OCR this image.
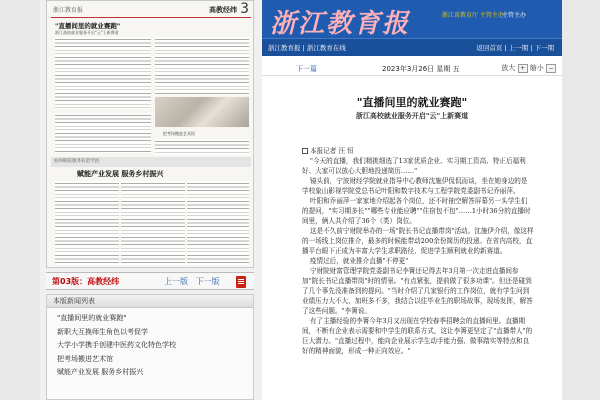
浙江教育报	高教经纬 3
"直播间里的就业赛跑"
浙江高校就业服务开启"云"上新赛道
把考场搬进艺术馆
杭州职院服务驻留学团
赋能产业发展 服务乡村振兴
第03版：高教经纬	上一版 下一版
本版新闻列表
"直播间里的就业赛跑"
新职大互换师生角色以考促学
大学小学携手创建中医药文化特色学校
把考场搬进艺术馆
赋能产业发展 服务乡村振兴
浙江教育报	浙江省教育厅 主管主办
主管主办
浙江教育报 | 浙江教育在线	返回首页 | 上一期 | 下一期
下一篇	2023年3月26日 星期 五	放大 + 缩小 −
"直播间里的就业赛跑"
浙江高校就业服务开启"云"上新赛道

本报记者 汪 恒

"今天的直播，我们精挑细选了13家优质企业、实习期工资高、特正后福利好、大家可以放心大胆地投递简历……"

镜头前，宁波财经学院就业指导中心教师沈施伊侃侃而谈，坐在她身边的是学校象山影视学院党总书记叶阳和数字技术与工程学院党委副书记乔丽萍。

叶阳和乔丽萍一家家地介绍起各个岗位，还不时抽空解答屏幕另一头学生们的提问，"实习期多长""哪些专业能应聘""住宿包不包"……1小时36分的直播时间里，俩人共介绍了36个（类）岗位。

这是不久前宁财院举办的一场"院长书记直播带岗"活动。沈施伊介绍，像这样的一场线上岗位推介，最多的时候能带动200余份简历的投递。在省内高校，直播平台眼下正成为丰富大学生求职路径、促进学生顺利就业的新赛道。

疫情过后，就业推介直播"不停更"

宁财院财富管理学院党委副书记李箐还记得去年3月第一次走进直播间参加"院长书记直播带岗"时的情景。"有点紧张，提前做了很多功课"。但还是碰到了几个事先没准备到的提问。"当时介绍了几家银行的工作岗位，就有学生问到业绩压力大不大、加班多不多，我结合以往毕业生的职场故事，现场发挥，解答了这些问题。"李箐说。

有了主播经验的李箐今年3月又出现在学校春季招聘会的直播间里。直播期间，不断有企业表示需要和中学生的联系方式，这让李箐更坚定了"直播带人"的巨大潜力。"直播过程中，能向企业展示学生动手能力强、做事踏实等特点和良好的精神面貌，形成一种正向效应。"
